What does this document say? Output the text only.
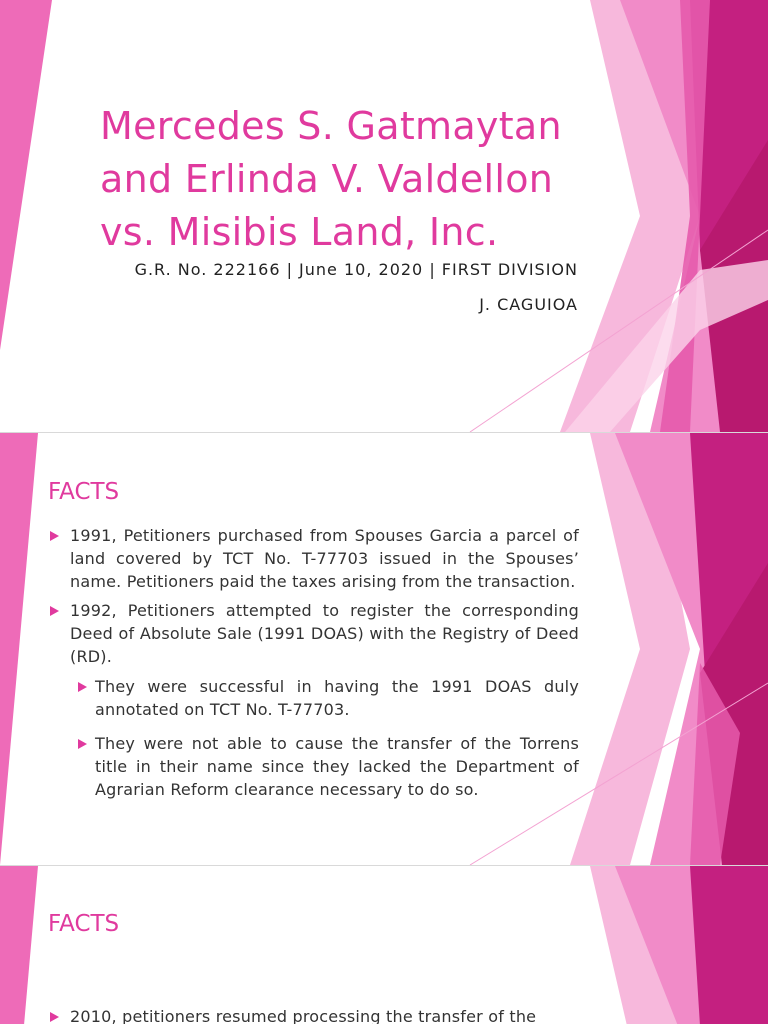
Mercedes S. Gatmaytan and Erlinda V. Valdellon vs. Misibis Land, Inc.
G.R. No. 222166 | June 10, 2020 | FIRST DIVISION
J. CAGUIOA
FACTS
1991, Petitioners purchased from Spouses Garcia a parcel of land covered by TCT No. T-77703 issued in the Spouses’ name. Petitioners paid the taxes arising from the transaction.
1992, Petitioners attempted to register the corresponding Deed of Absolute Sale (1991 DOAS) with the Registry of Deed (RD).
They were successful in having the 1991 DOAS duly annotated on TCT No. T-77703.
They were not able to cause the transfer of the Torrens title in their name since they lacked the Department of Agrarian Reform clearance necessary to do so.
FACTS
2010, petitioners resumed processing the transfer of the
